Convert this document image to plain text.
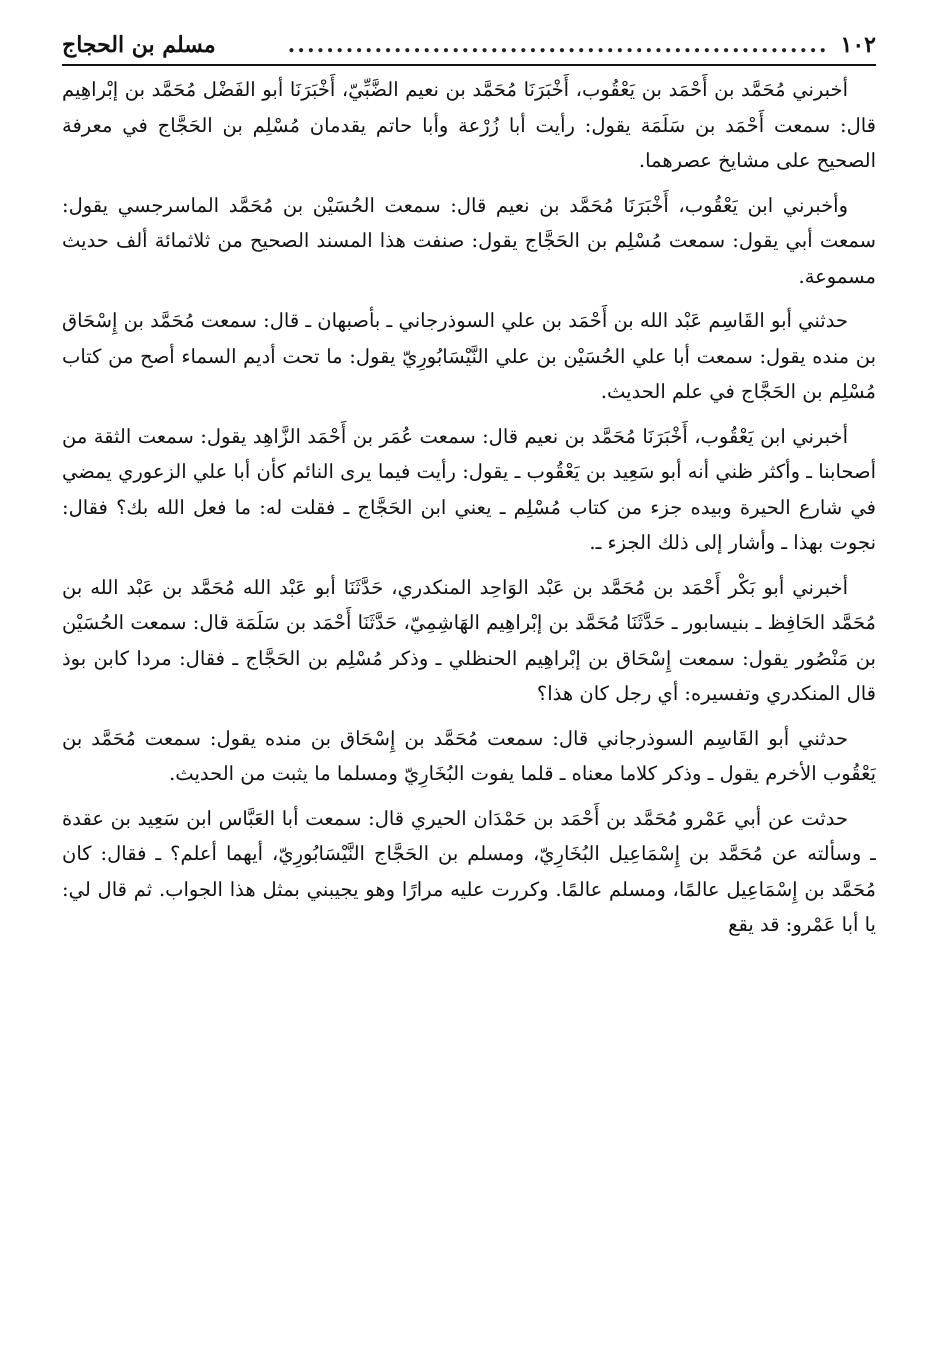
١٠٢
........................................................
مسلم بن الحجاج

أخبرني مُحَمَّد بن أَحْمَد بن يَعْقُوب، أَخْبَرَنَا مُحَمَّد بن نعيم الضَّبِّيّ، أَخْبَرَنَا أبو الفَضْل مُحَمَّد بن إبْراهِيم قال: سمعت أَحْمَد بن سَلَمَة يقول: رأيت أبا زُرْعة وأبا حاتم يقدمان مُسْلِم بن الحَجَّاج في معرفة الصحيح على مشايخ عصرهما.

وأخبرني ابن يَعْقُوب، أَخْبَرَنَا مُحَمَّد بن نعيم قال: سمعت الحُسَيْن بن مُحَمَّد الماسرجسي يقول: سمعت أبي يقول: سمعت مُسْلِم بن الحَجَّاج يقول: صنفت هذا المسند الصحيح من ثلاثمائة ألف حديث مسموعة.

حدثني أبو القَاسِم عَبْد الله بن أَحْمَد بن علي السوذرجاني ـ بأصبهان ـ قال: سمعت مُحَمَّد بن إِسْحَاق بن منده يقول: سمعت أبا علي الحُسَيْن بن علي النَّيْسَابُورِيّ يقول: ما تحت أديم السماء أصح من كتاب مُسْلِم بن الحَجَّاج في علم الحديث.

أخبرني ابن يَعْقُوب، أَخْبَرَنَا مُحَمَّد بن نعيم قال: سمعت عُمَر بن أَحْمَد الزَّاهِد يقول: سمعت الثقة من أصحابنا ـ وأكثر ظني أنه أبو سَعِيد بن يَعْقُوب ـ يقول: رأيت فيما يرى النائم كأن أبا علي الزعوري يمضي في شارع الحيرة وبيده جزء من كتاب مُسْلِم ـ يعني ابن الحَجَّاج ـ فقلت له: ما فعل الله بك؟ فقال: نجوت بهذا ـ وأشار إلى ذلك الجزء ـ.

أخبرني أبو بَكْر أَحْمَد بن مُحَمَّد بن عَبْد الوَاحِد المنكدري، حَدَّثَنَا أبو عَبْد الله مُحَمَّد بن عَبْد الله بن مُحَمَّد الحَافِظ ـ بنيسابور ـ حَدَّثَنَا مُحَمَّد بن إبْراهِيم الهَاشِمِيّ، حَدَّثَنَا أَحْمَد بن سَلَمَة قال: سمعت الحُسَيْن بن مَنْصُور يقول: سمعت إِسْحَاق بن إبْراهِيم الحنظلي ـ وذكر مُسْلِم بن الحَجَّاج ـ فقال: مردا كابن بوذ قال المنكدري وتفسيره: أي رجل كان هذا؟

حدثني أبو القَاسِم السوذرجاني قال: سمعت مُحَمَّد بن إِسْحَاق بن منده يقول: سمعت مُحَمَّد بن يَعْقُوب الأخرم يقول ـ وذكر كلاما معناه ـ قلما يفوت البُخَارِيّ ومسلما ما يثبت من الحديث.

حدثت عن أبي عَمْرو مُحَمَّد بن أَحْمَد بن حَمْدَان الحيري قال: سمعت أبا العَبَّاس ابن سَعِيد بن عقدة ـ وسألته عن مُحَمَّد بن إِسْمَاعِيل البُخَارِيّ، ومسلم بن الحَجَّاج النَّيْسَابُورِيّ، أيهما أعلم؟ ـ فقال: كان مُحَمَّد بن إِسْمَاعِيل عالمًا، ومسلم عالمًا. وكررت عليه مرارًا وهو يجيبني بمثل هذا الجواب. ثم قال لي: يا أبا عَمْرو: قد يقع
